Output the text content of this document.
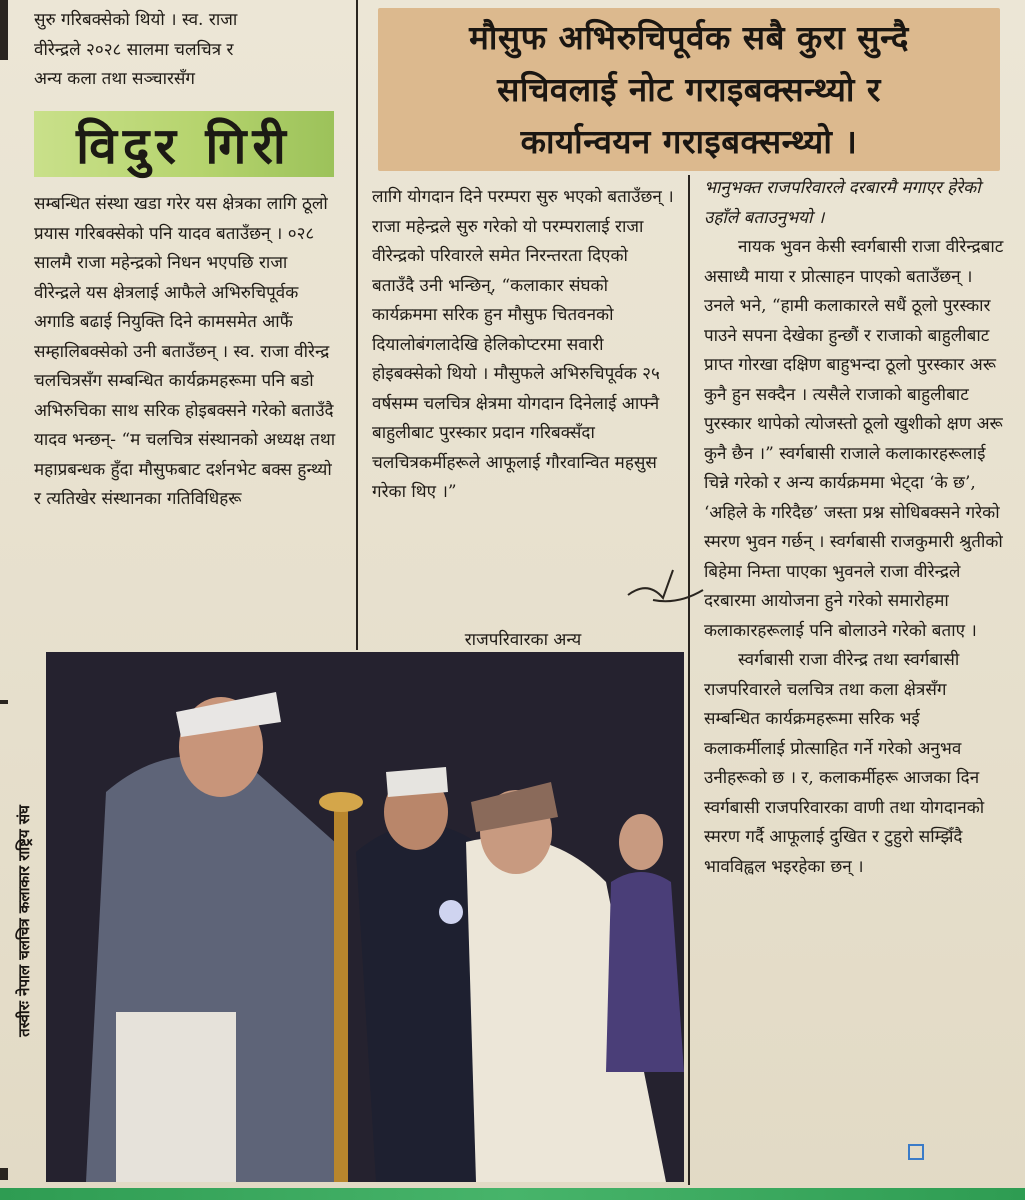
सुरु गरिबक्सेको थियो । स्व. राजा

वीरेन्द्रले २०२८ सालमा चलचित्र र

अन्य कला तथा सञ्चारसँग

विदुर गिरी
मौसुफ अभिरुचिपूर्वक सबै कुरा सुन्दै
सचिवलाई नोट गराइबक्सन्थ्यो र
कार्यान्वयन गराइबक्सन्थ्यो ।

सम्बन्धित संस्था खडा गरेर यस क्षेत्रका लागि ठूलो प्रयास गरिबक्सेको पनि यादव बताउँछन् । ०२८ सालमै राजा महेन्द्रको निधन भएपछि राजा वीरेन्द्रले यस क्षेत्रलाई आफैले अभिरुचिपूर्वक अगाडि बढाई नियुक्ति दिने कामसमेत आफैं सम्हालिबक्सेको उनी बताउँछन् । स्व. राजा वीरेन्द्र चलचित्रसँग सम्बन्धित कार्यक्रमहरूमा पनि बडो अभिरुचिका साथ सरिक होइबक्सने गरेको बताउँदै यादव भन्छन्- “म चलचित्र संस्थानको अध्यक्ष तथा महाप्रबन्धक हुँदा मौसुफबाट दर्शनभेट बक्स हुन्थ्यो र त्यतिखेर संस्थानका गतिविधिहरू

लागि योगदान दिने परम्परा सुरु भएको बताउँछन् । राजा महेन्द्रले सुरु गरेको यो परम्परालाई राजा वीरेन्द्रको परिवारले समेत निरन्तरता दिएको बताउँदै उनी भन्छिन्, “कलाकार संघको कार्यक्रममा सरिक हुन मौसुफ चितवनको दियालोबंगलादेखि हेलिकोप्टरमा सवारी होइबक्सेको थियो । मौसुफले अभिरुचिपूर्वक २५ वर्षसम्म चलचित्र क्षेत्रमा योगदान दिनेलाई आफ्नै बाहुलीबाट पुरस्कार प्रदान गरिबक्सँदा चलचित्रकर्मीहरूले आफूलाई गौरवान्वित महसुस गरेका थिए ।”

राजपरिवारका अन्य

भानुभक्त राजपरिवारले दरबारमै मगाएर हेरेको उहाँले बताउनुभयो ।

नायक भुवन केसी स्वर्गबासी राजा वीरेन्द्रबाट असाध्यै माया र प्रोत्साहन पाएको बताउँछन् । उनले भने, “हामी कलाकारले सधैं ठूलो पुरस्कार पाउने सपना देखेका हुन्छौं र राजाको बाहुलीबाट प्राप्त गोरखा दक्षिण बाहुभन्दा ठूलो पुरस्कार अरू कुनै हुन सक्दैन । त्यसैले राजाको बाहुलीबाट पुरस्कार थापेको त्योजस्तो ठूलो खुशीको क्षण अरू कुनै छैन ।” स्वर्गबासी राजाले कलाकारहरूलाई चिन्ने गरेको र अन्य कार्यक्रममा भेट्दा ‘के छ’, ‘अहिले के गरिदैछ’ जस्ता प्रश्न सोधिबक्सने गरेको स्मरण भुवन गर्छन् । स्वर्गबासी राजकुमारी श्रुतीको बिहेमा निम्ता पाएका भुवनले राजा वीरेन्द्रले दरबारमा आयोजना हुने गरेको समारोहमा कलाकारहरूलाई पनि बोलाउने गरेको बताए ।

स्वर्गबासी राजा वीरेन्द्र तथा स्वर्गबासी राजपरिवारले चलचित्र तथा कला क्षेत्रसँग सम्बन्धित कार्यक्रमहरूमा सरिक भई कलाकर्मीलाई प्रोत्साहित गर्ने गरेको अनुभव उनीहरूको छ । र, कलाकर्मीहरू आजका दिन स्वर्गबासी राजपरिवारका वाणी तथा योगदानको स्मरण गर्दै आफूलाई दुखित र टुहुरो सम्झिँदै भावविह्वल भइरहेका छन् ।

तस्वीरः नेपाल चलचित्र कलाकार राष्ट्रिय संघ
